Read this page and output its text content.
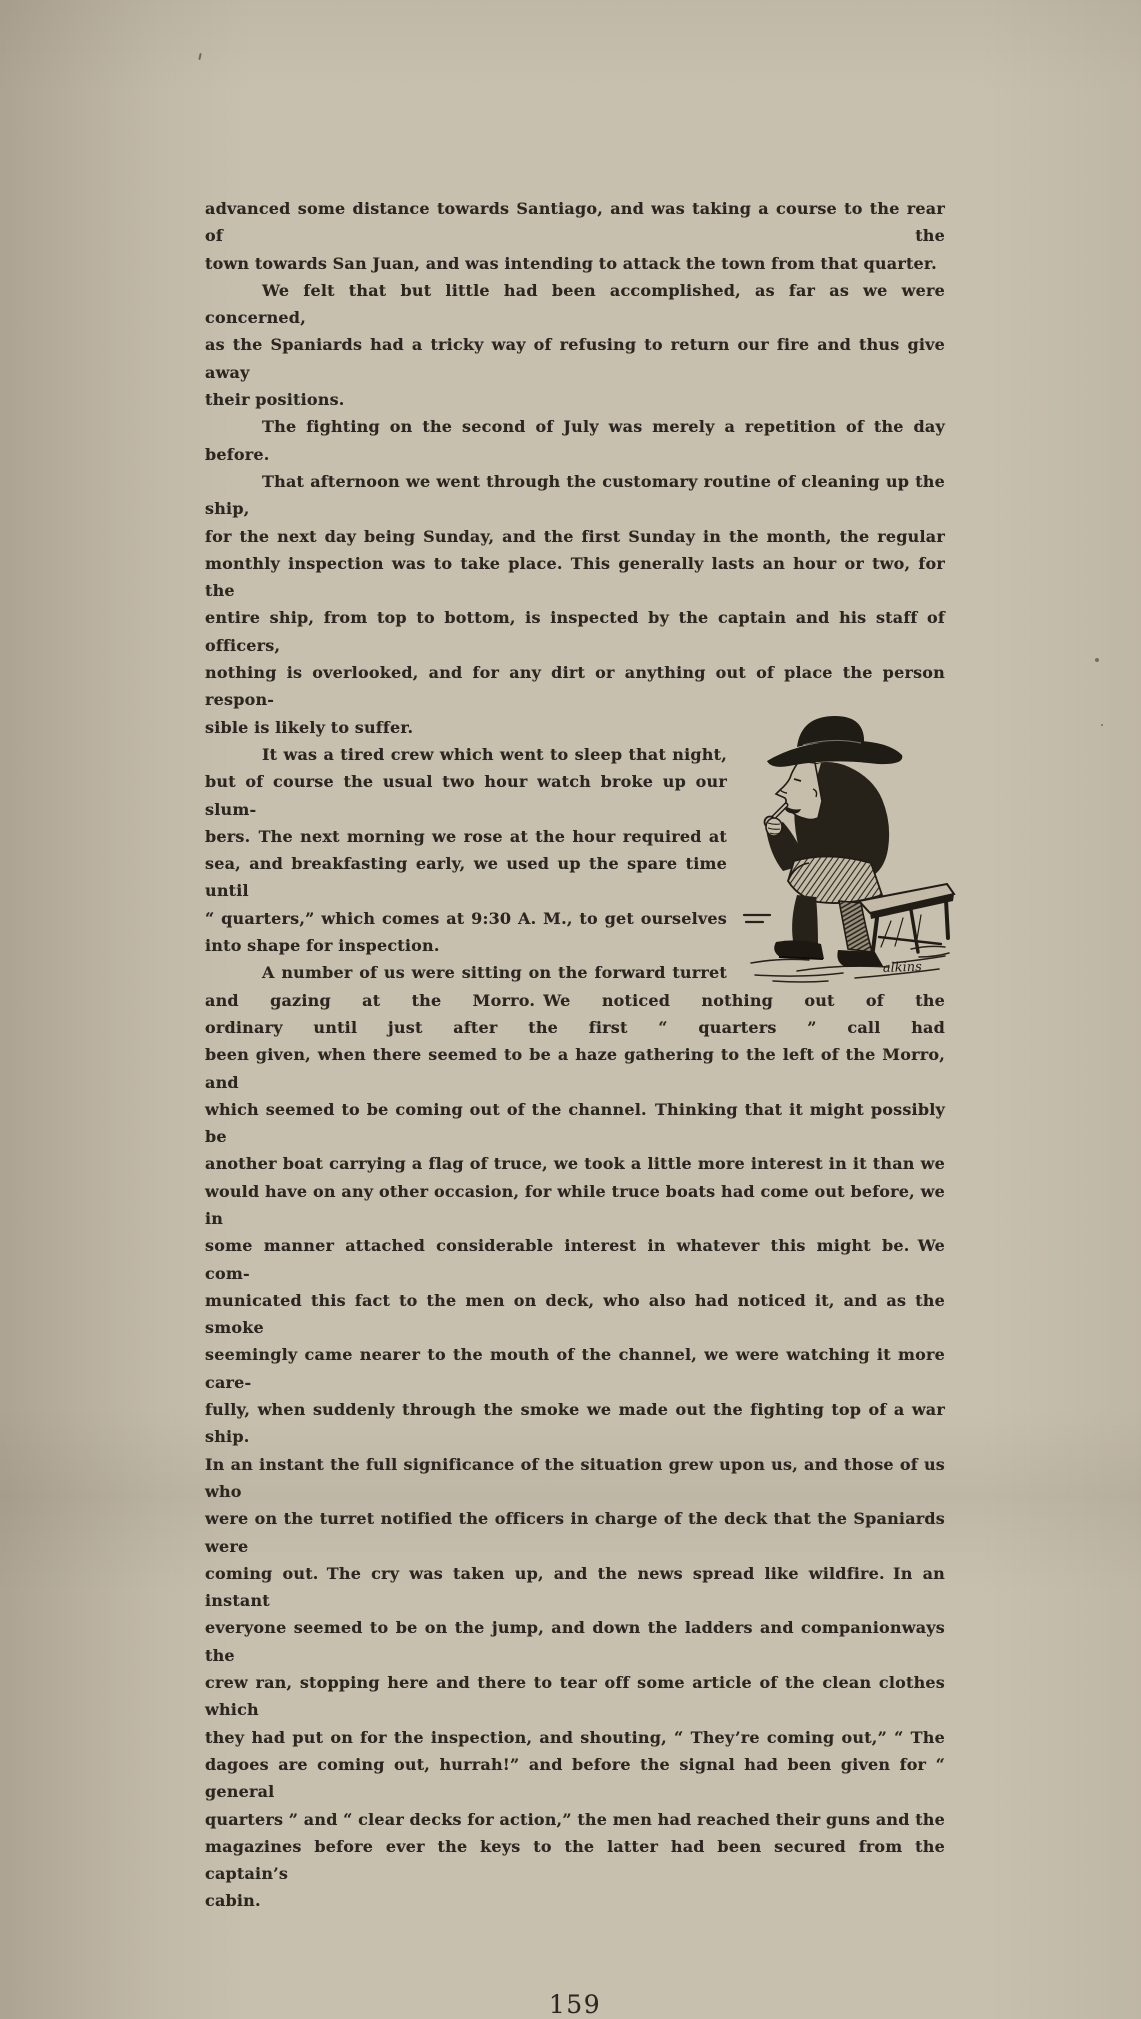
advanced some distance towards Santiago, and was taking a course to the rear of the
town towards San Juan, and was intending to attack the town from that quarter.
We felt that but little had been accomplished, as far as we were concerned,
as the Spaniards had a tricky way of refusing to return our fire and thus give away
their positions.
The fighting on the second of July was merely a repetition of the day before.
That afternoon we went through the customary routine of cleaning up the ship,
for the next day being Sunday, and the first Sunday in the month, the regular
monthly inspection was to take place. This generally lasts an hour or two, for the
entire ship, from top to bottom, is inspected by the captain and his staff of officers,
nothing is overlooked, and for any dirt or anything out of place the person respon-
sible is likely to suffer.
alkins
It was a tired crew which went to sleep that night,
but of course the usual two hour watch broke up our slum-
bers. The next morning we rose at the hour required at
sea, and breakfasting early, we used up the spare time until
“ quarters,” which comes at 9:30 A. M., to get ourselves
into shape for inspection.
A number of us were sitting on the forward turret
and gazing at the Morro. We noticed nothing out of the
ordinary until just after the first “ quarters ” call had
been given, when there seemed to be a haze gathering to the left of the Morro, and
which seemed to be coming out of the channel. Thinking that it might possibly be
another boat carrying a flag of truce, we took a little more interest in it than we
would have on any other occasion, for while truce boats had come out before, we in
some manner attached considerable interest in whatever this might be. We com-
municated this fact to the men on deck, who also had noticed it, and as the smoke
seemingly came nearer to the mouth of the channel, we were watching it more care-
fully, when suddenly through the smoke we made out the fighting top of a war ship.
In an instant the full significance of the situation grew upon us, and those of us who
were on the turret notified the officers in charge of the deck that the Spaniards were
coming out. The cry was taken up, and the news spread like wildfire. In an instant
everyone seemed to be on the jump, and down the ladders and companionways the
crew ran, stopping here and there to tear off some article of the clean clothes which
they had put on for the inspection, and shouting, “ They’re coming out,” “ The
dagoes are coming out, hurrah!” and before the signal had been given for “ general
quarters ” and “ clear decks for action,” the men had reached their guns and the
magazines before ever the keys to the latter had been secured from the captain’s
cabin.
159
